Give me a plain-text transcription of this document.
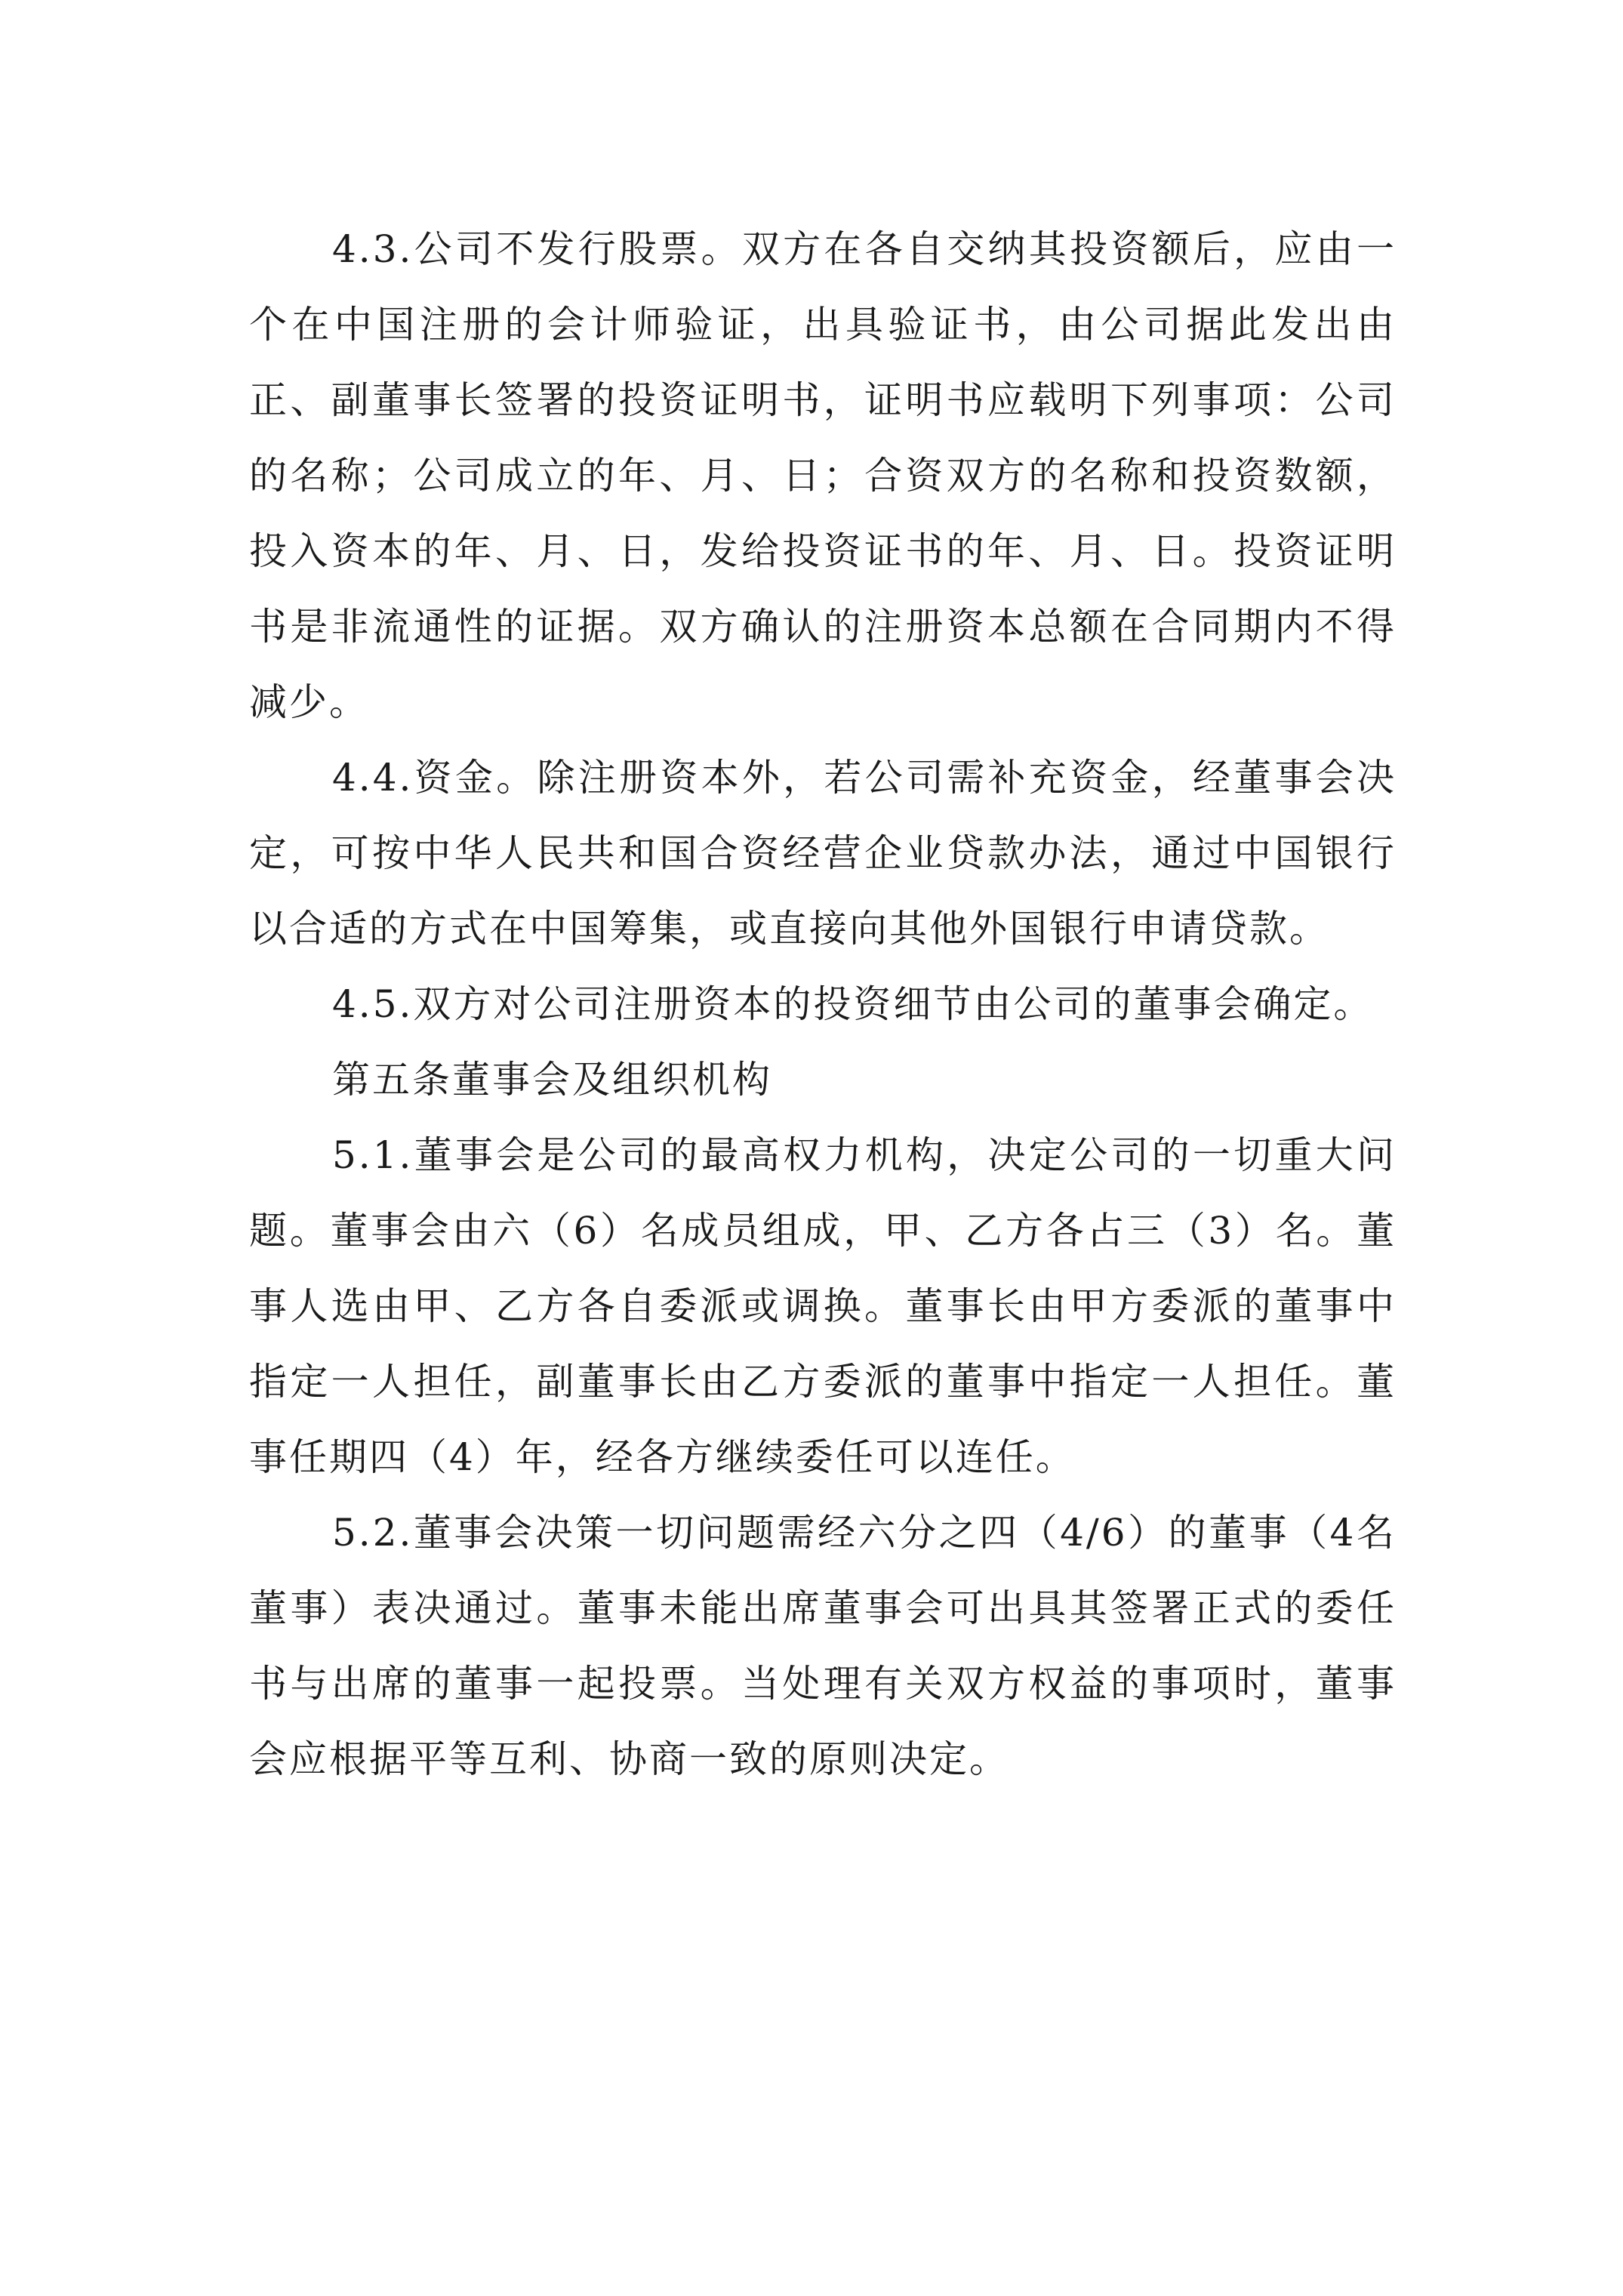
4.3.公司不发行股票。双方在各自交纳其投资额后，应由一个在中国注册的会计师验证，出具验证书，由公司据此发出由正、副董事长签署的投资证明书，证明书应载明下列事项：公司的名称；公司成立的年、月、日；合资双方的名称和投资数额，投入资本的年、月、日，发给投资证书的年、月、日。投资证明书是非流通性的证据。双方确认的注册资本总额在合同期内不得减少。

4.4.资金。除注册资本外，若公司需补充资金，经董事会决定，可按中华人民共和国合资经营企业贷款办法，通过中国银行以合适的方式在中国筹集，或直接向其他外国银行申请贷款。

4.5.双方对公司注册资本的投资细节由公司的董事会确定。

第五条董事会及组织机构

5.1.董事会是公司的最高权力机构，决定公司的一切重大问题。董事会由六（6）名成员组成，甲、乙方各占三（3）名。董事人选由甲、乙方各自委派或调换。董事长由甲方委派的董事中指定一人担任，副董事长由乙方委派的董事中指定一人担任。董事任期四（4）年，经各方继续委任可以连任。

5.2.董事会决策一切问题需经六分之四（4/6）的董事（4名董事）表决通过。董事未能出席董事会可出具其签署正式的委任书与出席的董事一起投票。当处理有关双方权益的事项时，董事会应根据平等互利、协商一致的原则决定。
